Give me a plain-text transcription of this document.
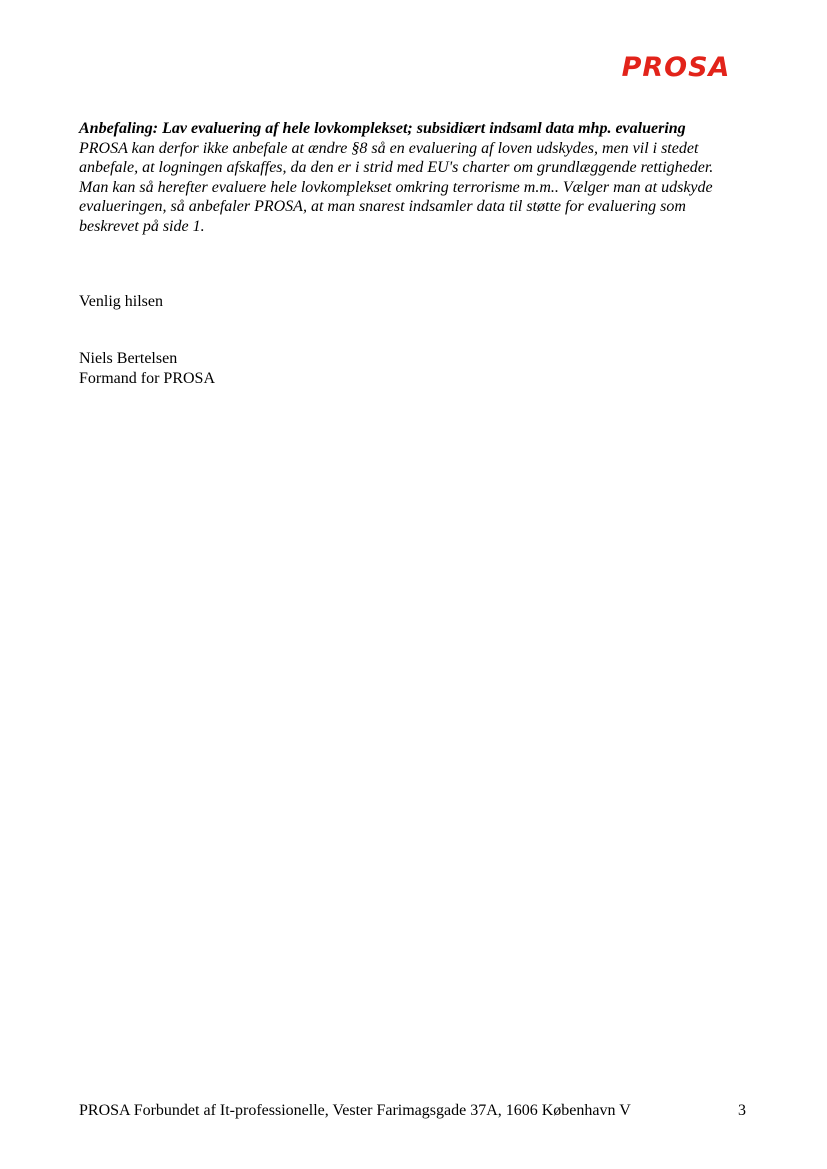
PROSA

Anbefaling: Lav evaluering af hele lovkomplekset; subsidiært indsaml data mhp. evaluering

PROSA kan derfor ikke anbefale at ændre §8 så en evaluering af loven udskydes, men vil i stedet
anbefale, at logningen afskaffes, da den er i strid med EU's charter om grundlæggende rettigheder.
Man kan så herefter evaluere hele lovkomplekset omkring terrorisme m.m.. Vælger man at udskyde
evalueringen, så anbefaler PROSA, at man snarest indsamler data til støtte for evaluering som
beskrevet på side 1.

Venlig hilsen

Niels Bertelsen
Formand for PROSA

PROSA Forbundet af It-professionelle, Vester Farimagsgade 37A, 1606 København V	3
